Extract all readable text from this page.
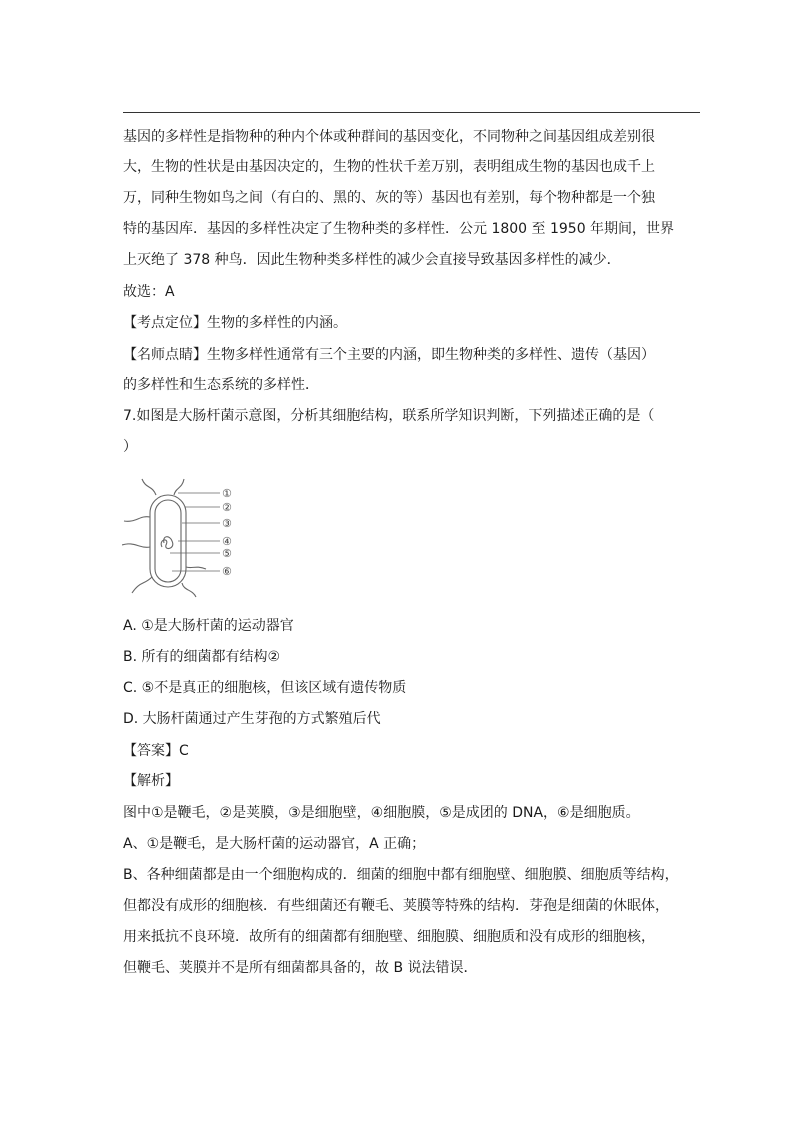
基因的多样性是指物种的种内个体或种群间的基因变化，不同物种之间基因组成差别很
大，生物的性状是由基因决定的，生物的性状千差万别，表明组成生物的基因也成千上
万，同种生物如鸟之间（有白的、黑的、灰的等）基因也有差别，每个物种都是一个独
特的基因库．基因的多样性决定了生物种类的多样性．公元 1800 至 1950 年期间，世界
上灭绝了 378 种鸟．因此生物种类多样性的减少会直接导致基因多样性的减少．
故选：A
【考点定位】生物的多样性的内涵。
【名师点睛】生物多样性通常有三个主要的内涵，即生物种类的多样性、遗传（基因）
的多样性和生态系统的多样性．
7.如图是大肠杆菌示意图，分析其细胞结构，联系所学知识判断，下列描述正确的是（
）
①
②
③
④
⑤
⑥
A. ①是大肠杆菌的运动器官
B. 所有的细菌都有结构②
C. ⑤不是真正的细胞核，但该区域有遗传物质
D. 大肠杆菌通过产生芽孢的方式繁殖后代
【答案】C
【解析】
图中①是鞭毛，②是荚膜，③是细胞壁，④细胞膜，⑤是成团的 DNA，⑥是细胞质。
A、①是鞭毛，是大肠杆菌的运动器官，A 正确；
B、各种细菌都是由一个细胞构成的．细菌的细胞中都有细胞壁、细胞膜、细胞质等结构，
但都没有成形的细胞核．有些细菌还有鞭毛、荚膜等特殊的结构．芽孢是细菌的休眠体，
用来抵抗不良环境．故所有的细菌都有细胞壁、细胞膜、细胞质和没有成形的细胞核，
但鞭毛、荚膜并不是所有细菌都具备的，故 B 说法错误．
